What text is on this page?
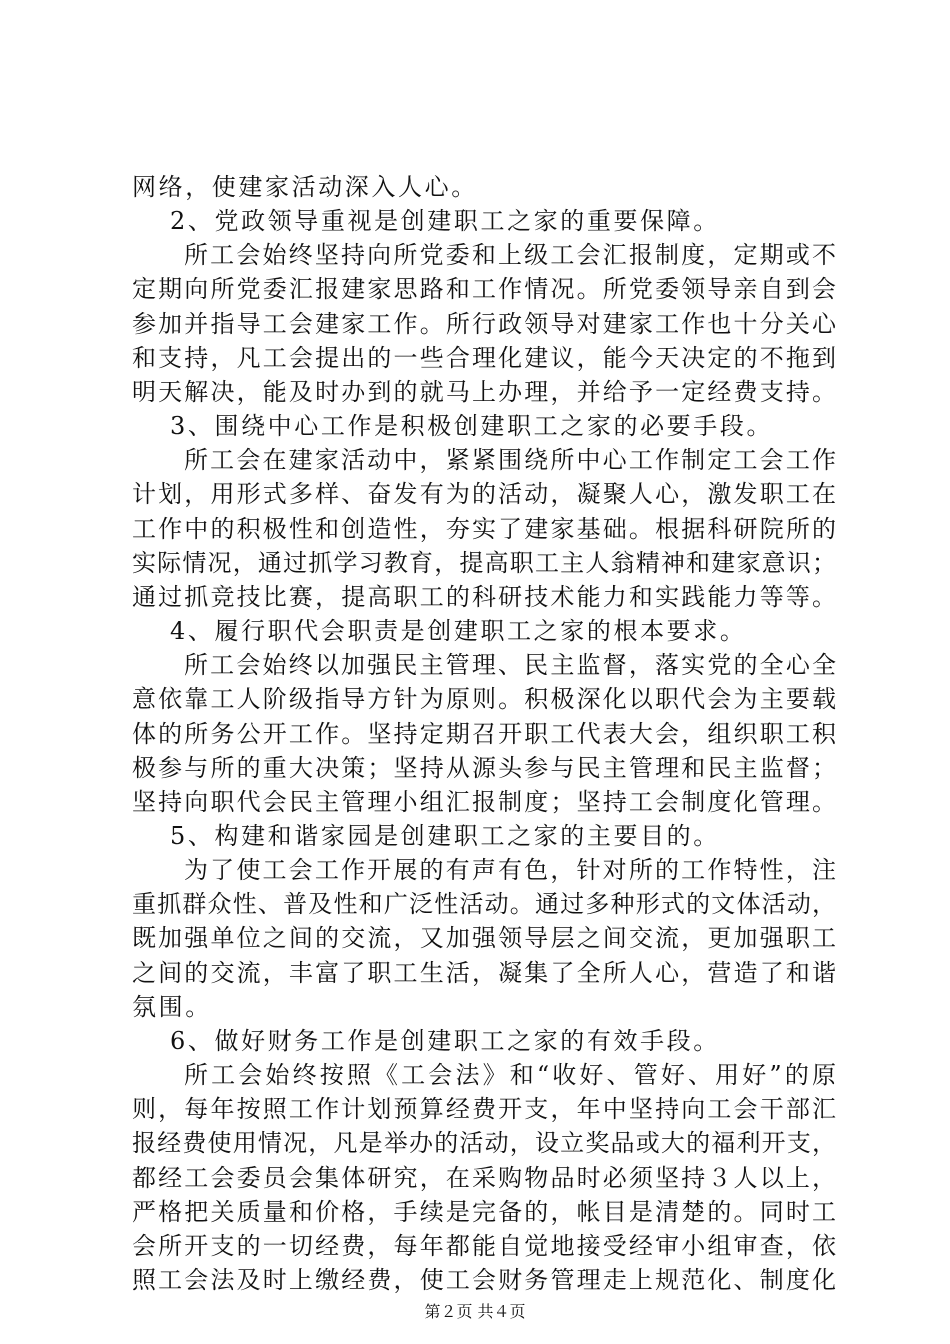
网络，使建家活动深入人心。
2、党政领导重视是创建职工之家的重要保障。
所工会始终坚持向所党委和上级工会汇报制度，定期或不
定期向所党委汇报建家思路和工作情况。所党委领导亲自到会
参加并指导工会建家工作。所行政领导对建家工作也十分关心
和支持，凡工会提出的一些合理化建议，能今天决定的不拖到
明天解决，能及时办到的就马上办理，并给予一定经费支持。
3、围绕中心工作是积极创建职工之家的必要手段。
所工会在建家活动中，紧紧围绕所中心工作制定工会工作
计划，用形式多样、奋发有为的活动，凝聚人心，激发职工在
工作中的积极性和创造性，夯实了建家基础。根据科研院所的
实际情况，通过抓学习教育，提高职工主人翁精神和建家意识；
通过抓竞技比赛，提高职工的科研技术能力和实践能力等等。
4、履行职代会职责是创建职工之家的根本要求。
所工会始终以加强民主管理、民主监督，落实党的全心全
意依靠工人阶级指导方针为原则。积极深化以职代会为主要载
体的所务公开工作。坚持定期召开职工代表大会，组织职工积
极参与所的重大决策；坚持从源头参与民主管理和民主监督；
坚持向职代会民主管理小组汇报制度；坚持工会制度化管理。
5、构建和谐家园是创建职工之家的主要目的。
为了使工会工作开展的有声有色，针对所的工作特性，注
重抓群众性、普及性和广泛性活动。通过多种形式的文体活动，
既加强单位之间的交流，又加强领导层之间交流，更加强职工
之间的交流，丰富了职工生活，凝集了全所人心，营造了和谐
氛围。
6、做好财务工作是创建职工之家的有效手段。
所工会始终按照《工会法》和“收好、管好、用好”的原
则，每年按照工作计划预算经费开支，年中坚持向工会干部汇
报经费使用情况，凡是举办的活动，设立奖品或大的福利开支，
都经工会委员会集体研究，在采购物品时必须坚持３人以上，
严格把关质量和价格，手续是完备的，帐目是清楚的。同时工
会所开支的一切经费，每年都能自觉地接受经审小组审查，依
照工会法及时上缴经费，使工会财务管理走上规范化、制度化
第２页 共４页
